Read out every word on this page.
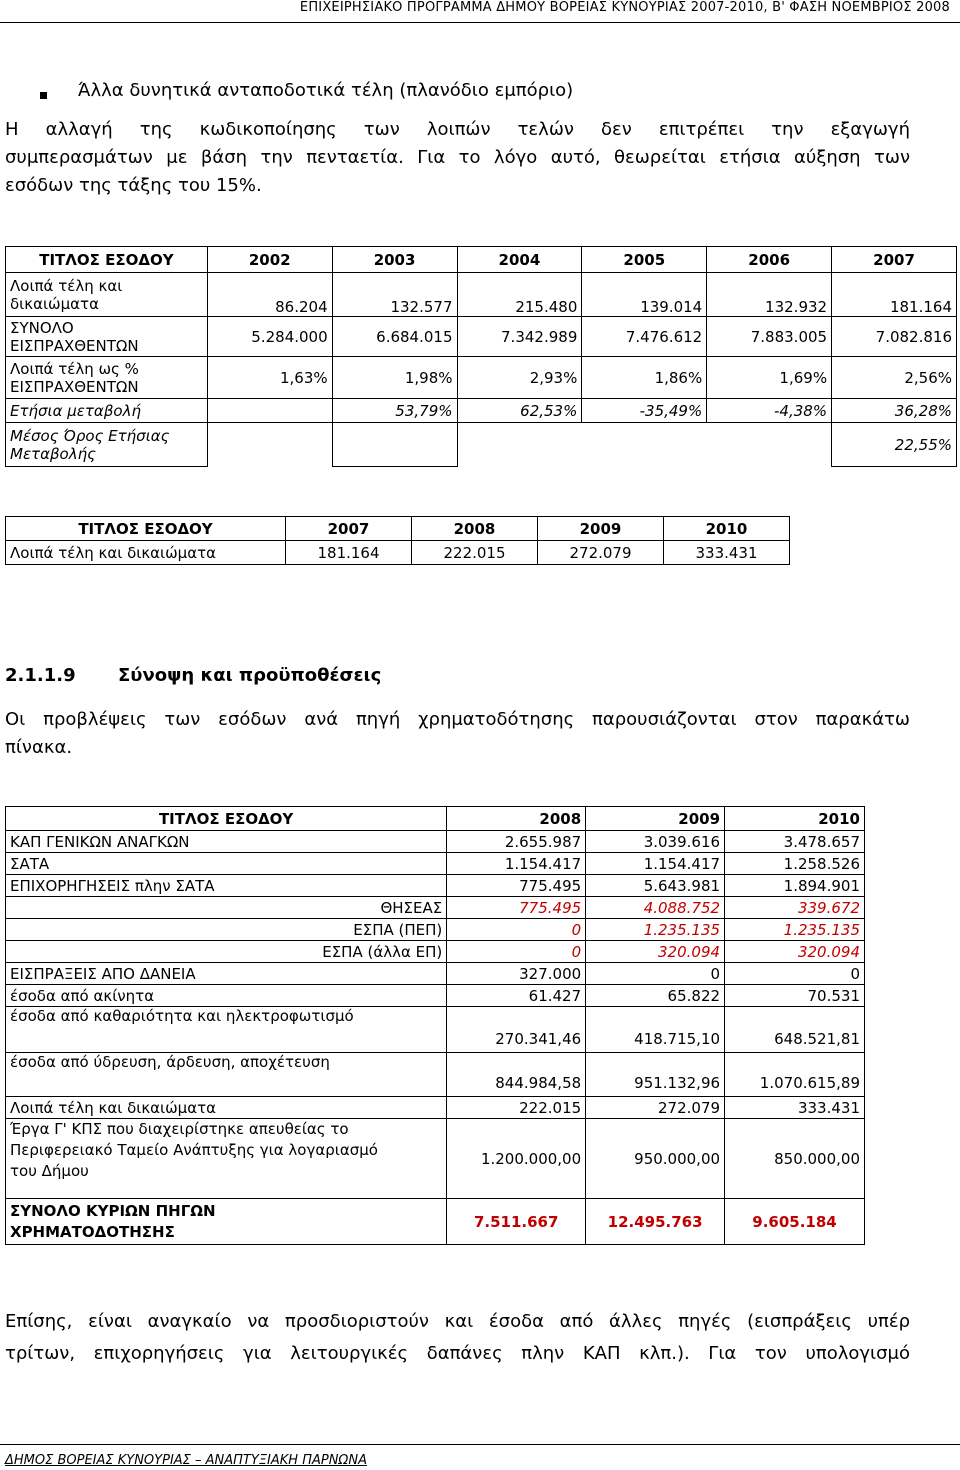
ΕΠΙΧΕΙΡΗΣΙΑΚΟ ΠΡΟΓΡΑΜΜΑ ΔΗΜΟΥ ΒΟΡΕΙΑΣ ΚΥΝΟΥΡΙΑΣ 2007-2010, Β' ΦΑΣΗ ΝΟΕΜΒΡΙΟΣ 2008
Άλλα δυνητικά ανταποδοτικά τέλη (πλανόδιο εμπόριο)
Η αλλαγή της κωδικοποίησης των λοιπών τελών δεν επιτρέπει την εξαγωγή
συμπερασμάτων με βάση την πενταετία. Για το λόγο αυτό, θεωρείται ετήσια αύξηση των
εσόδων της τάξης του 15%.
ΤΙΤΛΟΣ ΕΣΟΔΟΥ	2002	2003	2004	2005	2006	2007

Λοιπά τέλη και
δικαιώματα	86.204	132.577	215.480	139.014	132.932	181.164

ΣΥΝΟΛΟ
ΕΙΣΠΡΑΧΘΕΝΤΩΝ	5.284.000	6.684.015	7.342.989	7.476.612	7.883.005	7.082.816

Λοιπά τέλη ως %
ΕΙΣΠΡΑΧΘΕΝΤΩΝ	1,63%	1,98%	2,93%	1,86%	1,69%	2,56%
Ετήσια μεταβολή		53,79%	62,53%	-35,49%	-4,38%	36,28%

Μέσος Όρος Ετήσιας
Μεταβολής						22,55%
ΤΙΤΛΟΣ ΕΣΟΔΟΥ	2007	2008	2009	2010
Λοιπά τέλη και δικαιώματα	181.164	222.015	272.079	333.431
2.1.1.9 Σύνοψη και προϋποθέσεις
Οι προβλέψεις των εσόδων ανά πηγή χρηματοδότησης παρουσιάζονται στον παρακάτω
πίνακα.
ΤΙΤΛΟΣ ΕΣΟΔΟΥ	2008	2009	2010
ΚΑΠ ΓΕΝΙΚΩΝ ΑΝΑΓΚΩΝ	2.655.987	3.039.616	3.478.657
ΣΑΤΑ	1.154.417	1.154.417	1.258.526
ΕΠΙΧΟΡΗΓΗΣΕΙΣ πλην ΣΑΤΑ	775.495	5.643.981	1.894.901
ΘΗΣΕΑΣ	775.495	4.088.752	339.672
ΕΣΠΑ (ΠΕΠ)	0	1.235.135	1.235.135
ΕΣΠΑ (άλλα ΕΠ)	0	320.094	320.094
ΕΙΣΠΡΑΞΕΙΣ ΑΠΟ ΔΑΝΕΙΑ	327.000	0	0
έσοδα από ακίνητα	61.427	65.822	70.531
έσοδα από καθαριότητα και ηλεκτροφωτισμό	270.341,46	418.715,10	648.521,81
έσοδα από ύδρευση, άρδευση, αποχέτευση	844.984,58	951.132,96	1.070.615,89
Λοιπά τέλη και δικαιώματα	222.015	272.079	333.431

Έργα Γ' ΚΠΣ που διαχειρίστηκε απευθείας το
Περιφερειακό Ταμείο Ανάπτυξης για λογαριασμό
του Δήμου	1.200.000,00	950.000,00	850.000,00

ΣΥΝΟΛΟ ΚΥΡΙΩΝ ΠΗΓΩΝ
ΧΡΗΜΑΤΟΔΟΤΗΣΗΣ	7.511.667	12.495.763	9.605.184
Επίσης, είναι αναγκαίο να προσδιοριστούν και έσοδα από άλλες πηγές (εισπράξεις υπέρ
τρίτων, επιχορηγήσεις για λειτουργικές δαπάνες πλην ΚΑΠ κλπ.). Για τον υπολογισμό
ΔΗΜΟΣ ΒΟΡΕΙΑΣ ΚΥΝΟΥΡΙΑΣ – ΑΝΑΠΤΥΞΙΑΚΗ ΠΑΡΝΩΝΑ
